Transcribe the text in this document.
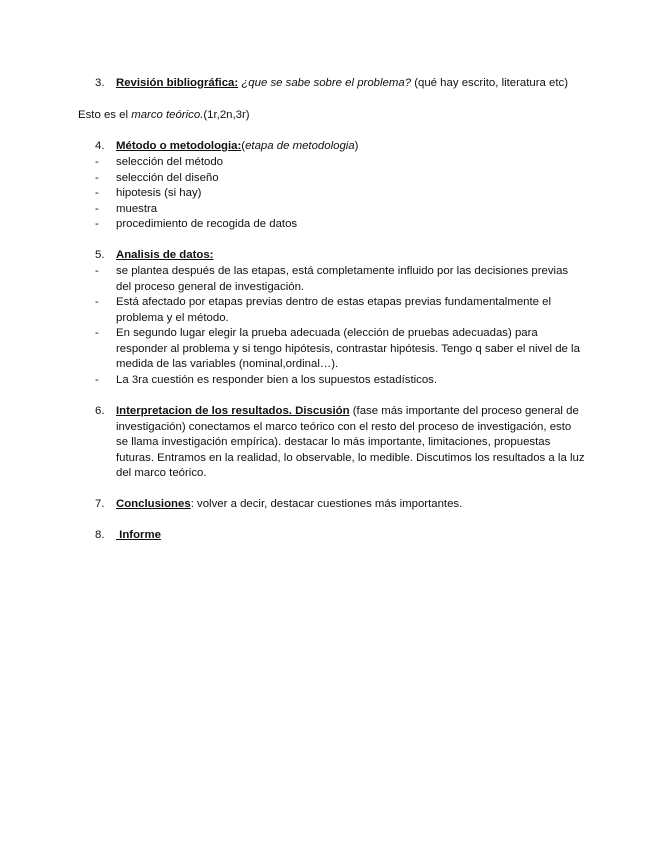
3. Revisión bibliográfica: ¿que se sabe sobre el problema? (qué hay escrito, literatura etc)
Esto es el marco teórico.(1r,2n,3r)
4. Método o metodologia:(etapa de metodologia)
- selección del método
- selección del diseño
- hipotesis (si hay)
- muestra
- procedimiento de recogida de datos
5. Analisis de datos:
- se plantea después de las etapas, está completamente influido por las decisiones previas del proceso general de investigación.
- Está afectado por etapas previas dentro de estas etapas previas fundamentalmente el problema y el método.
- En segundo lugar elegir la prueba adecuada (elección de pruebas adecuadas) para responder al problema y si tengo hipótesis, contrastar hipótesis. Tengo q saber el nivel de la medida de las variables (nominal,ordinal…).
- La 3ra cuestión es responder bien a los supuestos estadísticos.
6. Interpretacion de los resultados. Discusión (fase más importante del proceso general de investigación) conectamos el marco teórico con el resto del proceso de investigación, esto se llama investigación empírica). destacar lo más importante, limitaciones, propuestas futuras. Entramos en la realidad, lo observable, lo medible. Discutimos los resultados a la luz del marco teórico.
7. Conclusiones: volver a decir, destacar cuestiones más importantes.
8. Informe
